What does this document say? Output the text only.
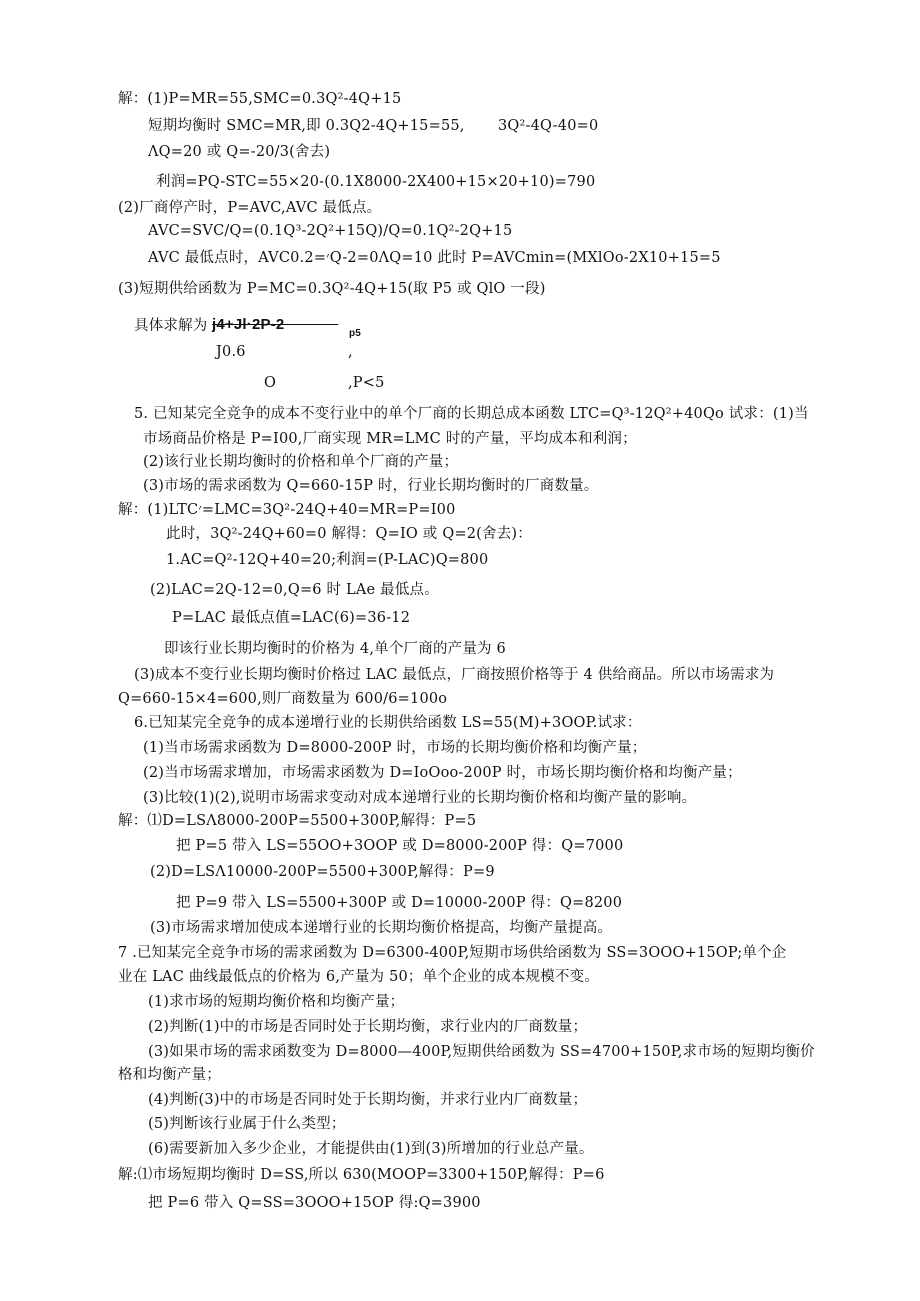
解：(1)P=MR=55,SMC=0.3Q²-4Q+15
短期均衡时 SMC=MR,即 0.3Q2-4Q+15=55, 3Q²-4Q-40=0
ΛQ=20 或 Q=-20/3(舍去)
利润=PQ-STC=55×20-(0.1X8000-2X400+15×20+10)=790
(2)厂商停产时，P=AVC,AVC 最低点。
AVC=SVC/Q=(0.1Q³-2Q²+15Q)/Q=0.1Q²-2Q+15
AVC 最低点时，AVC׳=0.2Q-2=0ΛQ=10 此时 P=AVCmin=(MXlOo-2X10+15=5
(3)短期供给函数为 P=MC=0.3Q²-4Q+15(取 P5 或 QlO 一段)
具体求解为 j4+Jl·2P-2       
p5
J0.6	,
O	,P<5
5. 已知某完全竞争的成本不变行业中的单个厂商的长期总成本函数 LTC=Q³-12Q²+40Qo 试求：(1)当
市场商品价格是 P=I00,厂商实现 MR=LMC 时的产量，平均成本和利润；
(2)该行业长期均衡时的价格和单个厂商的产量；
(3)市场的需求函数为 Q=660-15P 时，行业长期均衡时的厂商数量。
解：(1)LTC׳=LMC=3Q²-24Q+40=MR=P=I00
此时，3Q²-24Q+60=0 解得：Q=IO 或 Q=2(舍去)：
1.AC=Q²-12Q+40=20;利润=(P-LAC)Q=800
(2)LAC=2Q-12=0,Q=6 时 LAe 最低点。
P=LAC 最低点值=LAC(6)=36-12
即该行业长期均衡时的价格为 4,单个厂商的产量为 6
(3)成本不变行业长期均衡时价格过 LAC 最低点，厂商按照价格等于 4 供给商品。所以市场需求为
Q=660-15×4=600,则厂商数量为 600/6=100o
6.已知某完全竞争的成本递增行业的长期供给函数 LS=55(M)+3OOP.试求：
(1)当市场需求函数为 D=8000-200P 时，市场的长期均衡价格和均衡产量；
(2)当市场需求增加，市场需求函数为 D=IoOoo-200P 时，市场长期均衡价格和均衡产量；
(3)比较(1)(2),说明市场需求变动对成本递增行业的长期均衡价格和均衡产量的影响。
解：⑴D=LSΛ8000-200P=5500+300P,解得：P=5
把 P=5 带入 LS=55OO+3OOP 或 D=8000-200P 得：Q=7000
(2)D=LSΛ10000-200P=5500+300P,解得：P=9
把 P=9 带入 LS=5500+300P 或 D=10000-200P 得：Q=8200
(3)市场需求增加使成本递增行业的长期均衡价格提高，均衡产量提高。
7 .已知某完全竞争市场的需求函数为 D=6300-400P,短期市场供给函数为 SS=3OOO+15OP;单个企
业在 LAC 曲线最低点的价格为 6,产量为 50；单个企业的成本规模不变。
(1)求市场的短期均衡价格和均衡产量；
(2)判断(1)中的市场是否同时处于长期均衡，求行业内的厂商数量；
(3)如果市场的需求函数变为 D=8000—400P,短期供给函数为 SS=4700+150P,求市场的短期均衡价
格和均衡产量；
(4)判断(3)中的市场是否同时处于长期均衡，并求行业内厂商数量；
(5)判断该行业属于什么类型；
(6)需要新加入多少企业，才能提供由(1)到(3)所增加的行业总产量。
解:⑴市场短期均衡时 D=SS,所以 630(MOOP=3300+150P,解得：P=6
把 P=6 带入 Q=SS=3OOO+15OP 得:Q=3900
